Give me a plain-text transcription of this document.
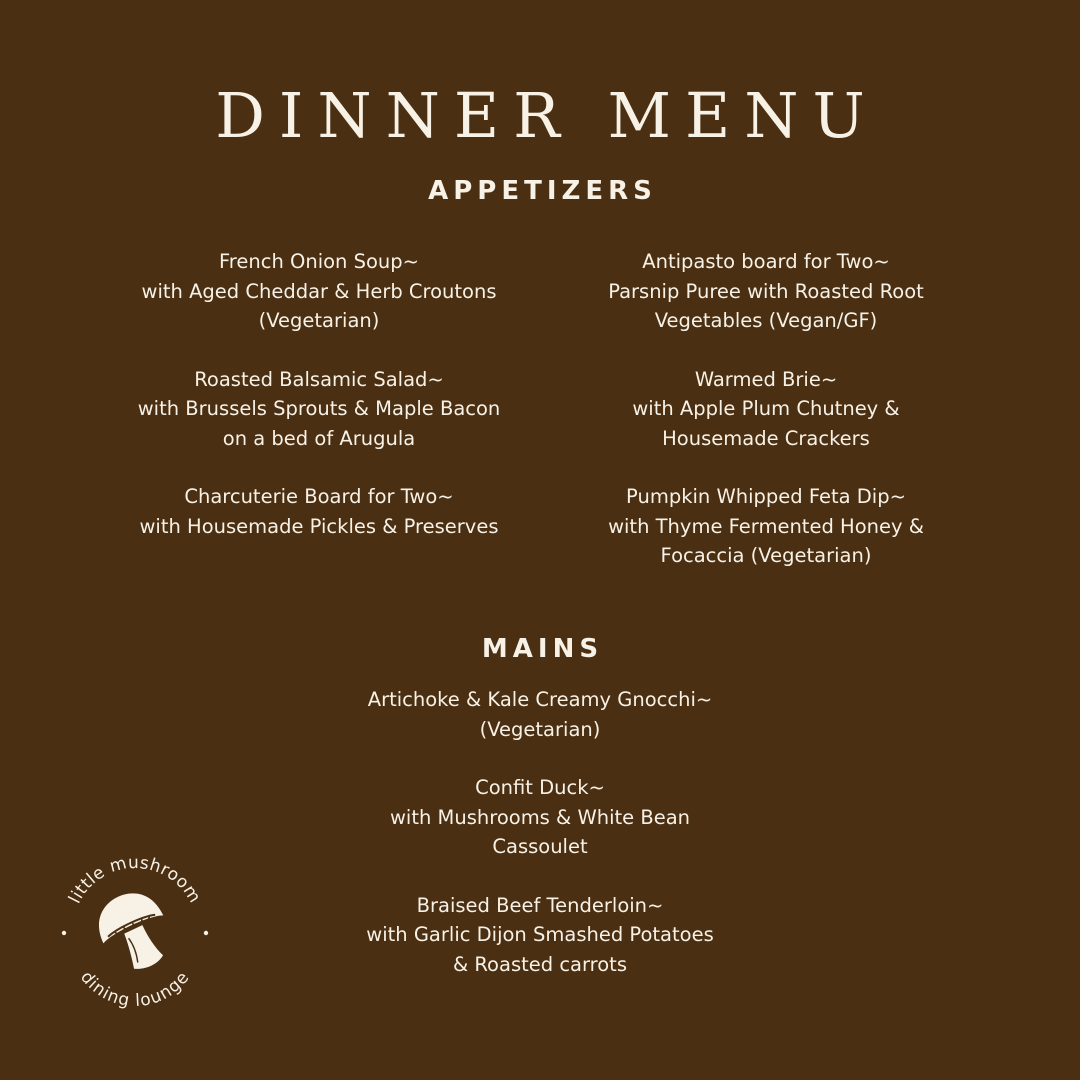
DINNER MENU
APPETIZERS

French Onion Soup~
with Aged Cheddar & Herb Croutons
(Vegetarian)

Roasted Balsamic Salad~
with Brussels Sprouts & Maple Bacon
on a bed of Arugula

Charcuterie Board for Two~
with Housemade Pickles & Preserves

Antipasto board for Two~
Parsnip Puree with Roasted Root
Vegetables (Vegan/GF)

Warmed Brie~
with Apple Plum Chutney &
Housemade Crackers

Pumpkin Whipped Feta Dip~
with Thyme Fermented Honey &
Focaccia (Vegetarian)

MAINS

Artichoke & Kale Creamy Gnocchi~
(Vegetarian)

Confit Duck~
with Mushrooms & White Bean
Cassoulet

Braised Beef Tenderloin~
with Garlic Dijon Smashed Potatoes
& Roasted carrots

little mushroom
dining lounge
